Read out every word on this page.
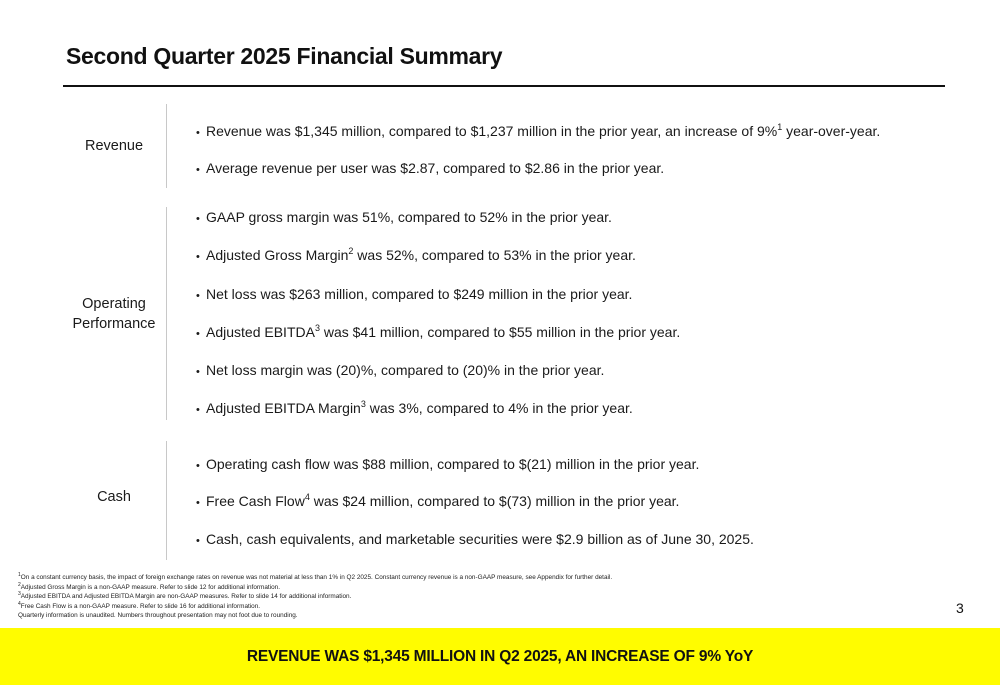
Second Quarter 2025 Financial Summary
Revenue
• Revenue was $1,345 million, compared to $1,237 million in the prior year, an increase of 9%$^1$ year-over-year.
• Average revenue per user was $2.87, compared to $2.86 in the prior year.
Operating
Performance
• GAAP gross margin was 51%, compared to 52% in the prior year.
• Adjusted Gross Margin$^2$ was 52%, compared to 53% in the prior year.
• Net loss was $263 million, compared to $249 million in the prior year.
• Adjusted EBITDA$^3$ was $41 million, compared to $55 million in the prior year.
• Net loss margin was (20)%, compared to (20)% in the prior year.
• Adjusted EBITDA Margin$^3$ was 3%, compared to 4% in the prior year.
Cash
• Operating cash flow was $88 million, compared to $(21) million in the prior year.
• Free Cash Flow$^4$ was $24 million, compared to $(73) million in the prior year.
• Cash, cash equivalents, and marketable securities were $2.9 billion as of June 30, 2025.
$^1$On a constant currency basis, the impact of foreign exchange rates on revenue was not material at less than 1% in Q2 2025. Constant currency revenue is a non-GAAP measure, see Appendix for further detail.
$^2$Adjusted Gross Margin is a non-GAAP measure. Refer to slide 12 for additional information.
$^3$Adjusted EBITDA and Adjusted EBITDA Margin are non-GAAP measures. Refer to slide 14 for additional information.
$^4$Free Cash Flow is a non-GAAP measure. Refer to slide 16 for additional information.
Quarterly information is unaudited. Numbers throughout presentation may not foot due to rounding.	3
REVENUE WAS $1,345 MILLION IN Q2 2025, AN INCREASE OF 9% YoY
